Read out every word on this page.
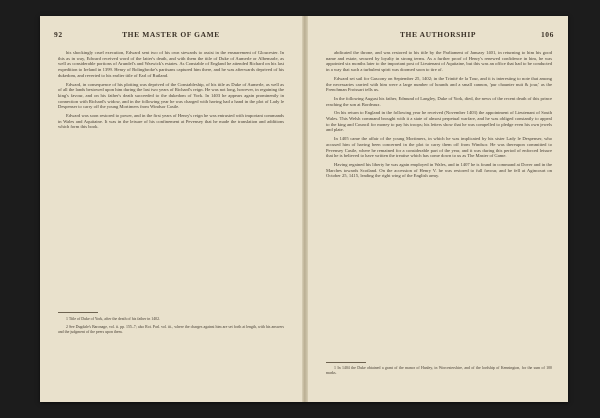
92	THE MASTER OF GAME

his shockingly cruel execution, Edward sent two of his own stewards to assist in the ensnarement of Gloucester. In this as in way, Edward received word of the latter's death, and with them the title of Duke of Aumerle or Albemarle, as well as considerable portions of Arundel's and Warwick's estates. As Constable of England he attended Richard on his last expedition to Ireland in 1399. Henry of Bolingbroke's partisans captured him there, and he was afterwards deprived of his dukedom, and reverted to his earlier title of Earl of Rutland.

Edward, in consequence of his plotting was deprived of the Constableship, of his title as Duke of Aumerle, as well as of all the lands bestowed upon him during the last two years of Richard's reign. He was not long, however, in regaining the king's favour, and on his father's death succeeded to the dukedom of York. In 1403 he appears again prominently in connection with Richard's widow, and in the following year he was charged with having had a hand in the plot of Lady le Despenser to carry off the young Mortimers from Windsor Castle.

Edward was soon restored to power, and in the first years of Henry's reign he was entrusted with important commands in Wales and Aquitaine. It was in the leisure of his confinement at Pevensey that he made the translation and additions which form this book.

1 Title of Duke of York, after the death of his father in 1402.

2 See Dugdale's Baronage, vol. ii. pp. 155–7; also Rot. Parl. vol. iii., where the charges against him are set forth at length, with his answers and the judgment of the peers upon them.

THE AUTHORSHIP	106

abdicated the throne, and was restored to his title by the Parliament of January 1401, in returning to him his good name and estate, secured by loyalty in strong terms. As a further proof of Henry's renewed confidence in him, he was appointed six months later to the important post of Lieutenant of Aquitaine, but this was an office that had to be conducted in a way that such a turbulent spirit was doomed soon to tire of.

Edward set sail for Gascony on September 25, 1402; in the Trinité de la Tour, and it is interesting to note that among the necessaries carried with him were a large number of hounds and a small cannon, 'pur chaunter nuit & jour,' as the Frenchman Froissart tells us.

In the following August his father, Edmund of Langley, Duke of York, died, the news of the recent death of this prince reaching the son at Bordeaux.

On his return to England in the following year he received (November 1403) the appointment of Lieutenant of South Wales. This Welsh command brought with it a state of almost perpetual warfare, and he was obliged constantly to appeal to the king and Council for money to pay his troops; his letters show that he was compelled to pledge even his own jewels and plate.

In 1405 came the affair of the young Mortimers, in which he was implicated by his sister Lady le Despenser, who accused him of having been concerned in the plot to carry them off from Windsor. He was thereupon committed to Pevensey Castle, where he remained for a considerable part of the year, and it was during this period of enforced leisure that he is believed to have written the treatise which has come down to us as The Master of Game.

Having regained his liberty he was again employed in Wales, and in 1407 he is found in command at Dover and in the Marches towards Scotland. On the accession of Henry V. he was restored to full favour, and he fell at Agincourt on October 25, 1415, leading the right wing of the English army.

1 In 1404 the Duke obtained a grant of the manor of Hanley, in Worcestershire, and of the lordship of Kennington, for the sum of 100 marks.
